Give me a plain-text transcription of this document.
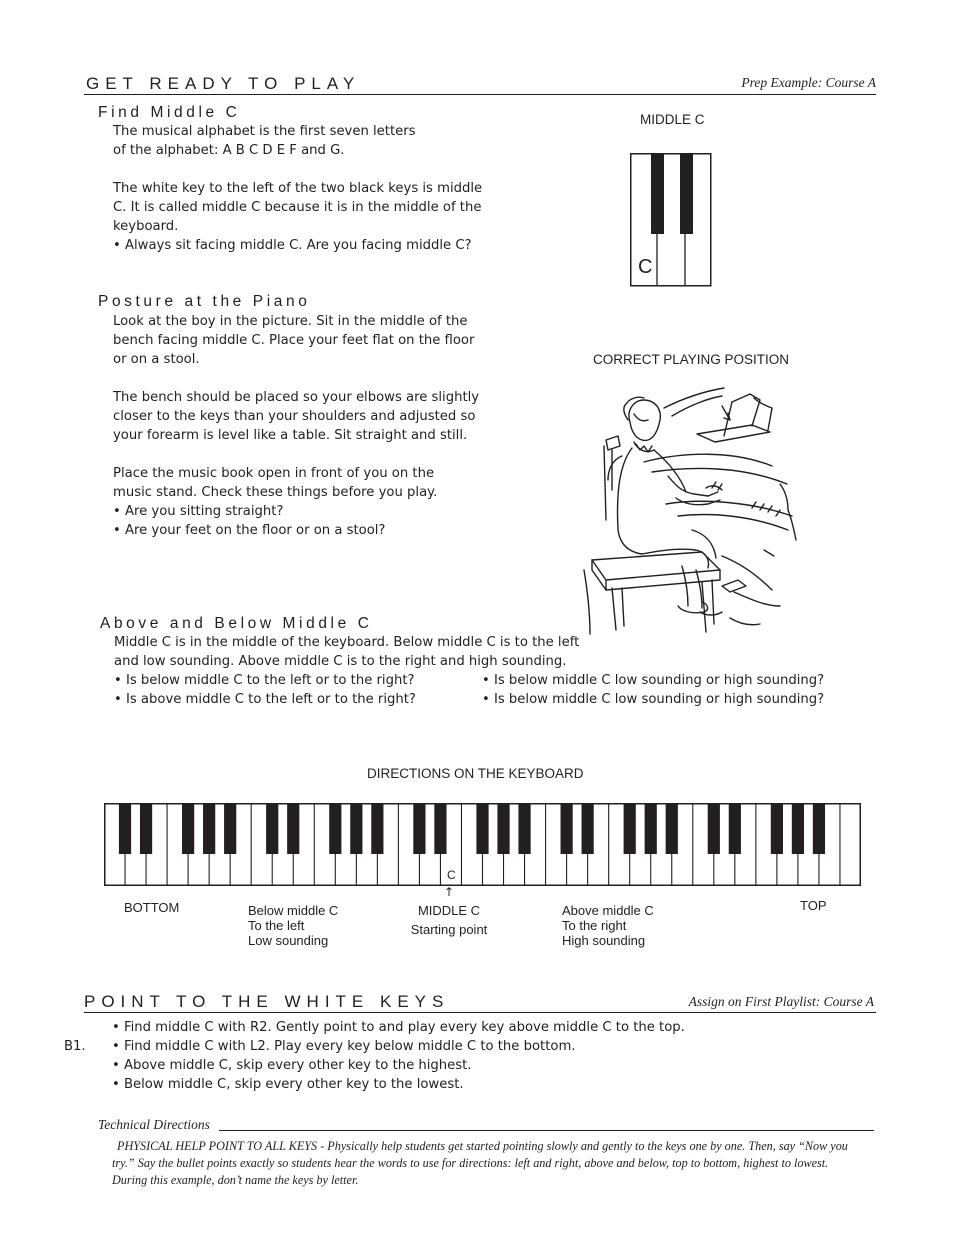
GET READY TO PLAY	Prep Example: Course A
Find Middle C

The musical alphabet is the first seven letters

of the alphabet: A B C D E F and G.

The white key to the left of the two black keys is middle

C. It is called middle C because it is in the middle of the

keyboard.

• Always sit facing middle C. Are you facing middle C?

MIDDLE C
C
Posture at the Piano

Look at the boy in the picture. Sit in the middle of the

bench facing middle C. Place your feet flat on the floor

or on a stool.

The bench should be placed so your elbows are slightly

closer to the keys than your shoulders and adjusted so

your forearm is level like a table. Sit straight and still.

Place the music book open in front of you on the

music stand. Check these things before you play.

• Are you sitting straight?

• Are your feet on the floor or on a stool?

CORRECT PLAYING POSITION
Above and Below Middle C

Middle C is in the middle of the keyboard. Below middle C is to the left

and low sounding. Above middle C is to the right and high sounding.

• Is below middle C to the left or to the right?

• Is above middle C to the left or to the right?

• Is below middle C low sounding or high sounding?

• Is below middle C low sounding or high sounding?

DIRECTIONS ON THE KEYBOARD
C
↑
BOTTOM	Below middle C
To the left
Low sounding
MIDDLE C
Starting point
Above middle C
To the right
High sounding
TOP
POINT TO THE WHITE KEYS	Assign on First Playlist: Course A
B1.

• Find middle C with R2. Gently point to and play every key above middle C to the top.

• Find middle C with L2. Play every key below middle C to the bottom.

• Above middle C, skip every other key to the highest.

• Below middle C, skip every other key to the lowest.

Technical Directions
PHYSICAL HELP POINT TO ALL KEYS - Physically help students get started pointing slowly and gently to the keys one by one. Then, say “Now you
try.” Say the bullet points exactly so students hear the words to use for directions: left and right, above and below, top to bottom, highest to lowest.
During this example, don’t name the keys by letter.
